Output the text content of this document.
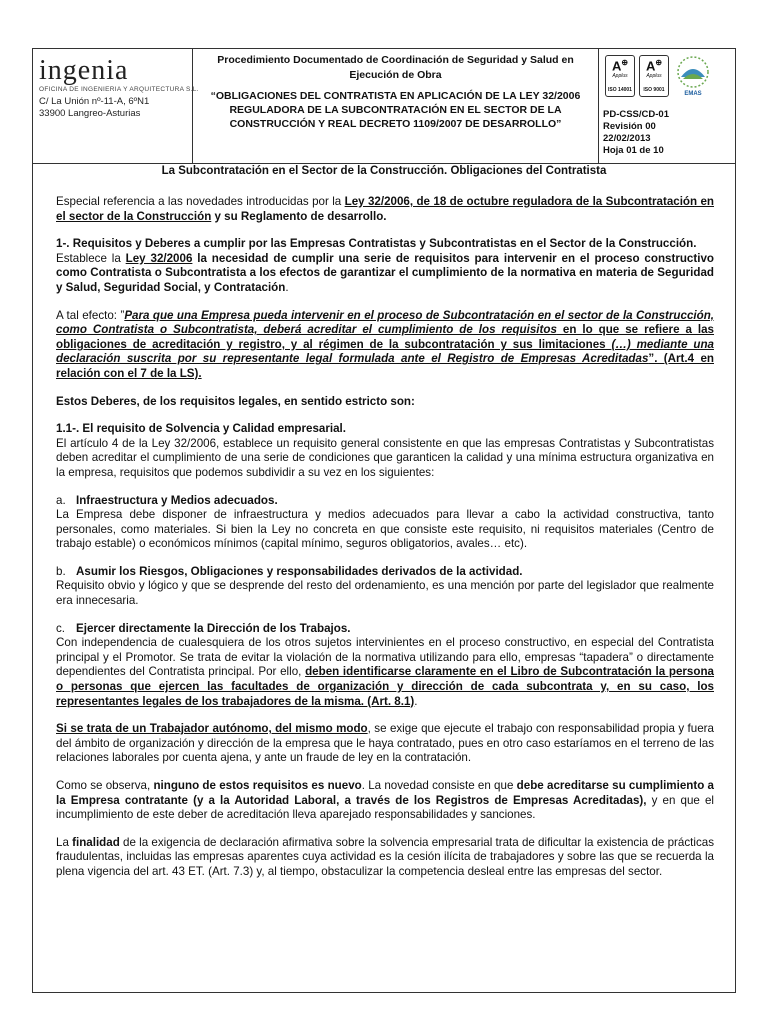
ingenia
OFICINA DE INGENIERIA Y ARQUITECTURA S.L.
C/ La Unión nº-11-A, 6ºN1
33900 Langreo-Asturias
Procedimiento Documentado de Coordinación de Seguridad y Salud en Ejecución de Obra
“OBLIGACIONES DEL CONTRATISTA EN APLICACIÓN DE LA LEY 32/2006 REGULADORA DE LA SUBCONTRATACIÓN EN EL SECTOR DE LA CONSTRUCCIÓN Y REAL DECRETO 1109/2007 DE DESARROLLO”
A⊕
Applus
ISO 14001
A⊕
Applus
ISO 9001
EMAS
PD-CSS/CD-01
Revisión 00
22/02/2013
Hoja 01 de 10
La Subcontratación en el Sector de la Construcción. Obligaciones del Contratista

Especial referencia a las novedades introducidas por la Ley 32/2006, de 18 de octubre reguladora de la Subcontratación en el sector de la Construcción y su Reglamento de desarrollo.

1-. Requisitos y Deberes a cumplir por las Empresas Contratistas y Subcontratistas en el Sector de la Construcción.

Establece la Ley 32/2006 la necesidad de cumplir una serie de requisitos para intervenir en el proceso constructivo como Contratista o Subcontratista a los efectos de garantizar el cumplimiento de la normativa en materia de Seguridad y Salud, Seguridad Social, y Contratación.

A tal efecto: ”Para que una Empresa pueda intervenir en el proceso de Subcontratación en el sector de la Construcción, como Contratista o Subcontratista, deberá acreditar el cumplimiento de los requisitos en lo que se refiere a las obligaciones de acreditación y registro, y al régimen de la subcontratación y sus limitaciones (…) mediante una declaración suscrita por su representante legal formulada ante el Registro de Empresas Acreditadas”. (Art.4 en relación con el 7 de la LS).

Estos Deberes, de los requisitos legales, en sentido estricto son:

1.1-. El requisito de Solvencia y Calidad empresarial.

El artículo 4 de la Ley 32/2006, establece un requisito general consistente en que las empresas Contratistas y Subcontratistas deben acreditar el cumplimiento de una serie de condiciones que garanticen la calidad y una mínima estructura organizativa en la empresa, requisitos que podemos subdividir a su vez en los siguientes:

a. Infraestructura y Medios adecuados.

La Empresa debe disponer de infraestructura y medios adecuados para llevar a cabo la actividad constructiva, tanto personales, como materiales. Si bien la Ley no concreta en que consiste este requisito, ni requisitos materiales (Centro de trabajo estable) o económicos mínimos (capital mínimo, seguros obligatorios, avales… etc).

b. Asumir los Riesgos, Obligaciones y responsabilidades derivados de la actividad.

Requisito obvio y lógico y que se desprende del resto del ordenamiento, es una mención por parte del legislador que realmente era innecesaria.

c. Ejercer directamente la Dirección de los Trabajos.

Con independencia de cualesquiera de los otros sujetos intervinientes en el proceso constructivo, en especial del Contratista principal y el Promotor. Se trata de evitar la violación de la normativa utilizando para ello, empresas “tapadera” o directamente dependientes del Contratista principal. Por ello, deben identificarse claramente en el Libro de Subcontratación la persona o personas que ejercen las facultades de organización y dirección de cada subcontrata y, en su caso, los representantes legales de los trabajadores de la misma. (Art. 8.1).

Si se trata de un Trabajador autónomo, del mismo modo, se exige que ejecute el trabajo con responsabilidad propia y fuera del ámbito de organización y dirección de la empresa que le haya contratado, pues en otro caso estaríamos en el terreno de las relaciones laborales por cuenta ajena, y ante un fraude de ley en la contratación.

Como se observa, ninguno de estos requisitos es nuevo. La novedad consiste en que debe acreditarse su cumplimiento a la Empresa contratante (y a la Autoridad Laboral, a través de los Registros de Empresas Acreditadas), y en que el incumplimiento de este deber de acreditación lleva aparejado responsabilidades y sanciones.

La finalidad de la exigencia de declaración afirmativa sobre la solvencia empresarial trata de dificultar la existencia de prácticas fraudulentas, incluidas las empresas aparentes cuya actividad es la cesión ilícita de trabajadores y sobre las que se recuerda la plena vigencia del art. 43 ET. (Art. 7.3) y, al tiempo, obstaculizar la competencia desleal entre las empresas del sector.
